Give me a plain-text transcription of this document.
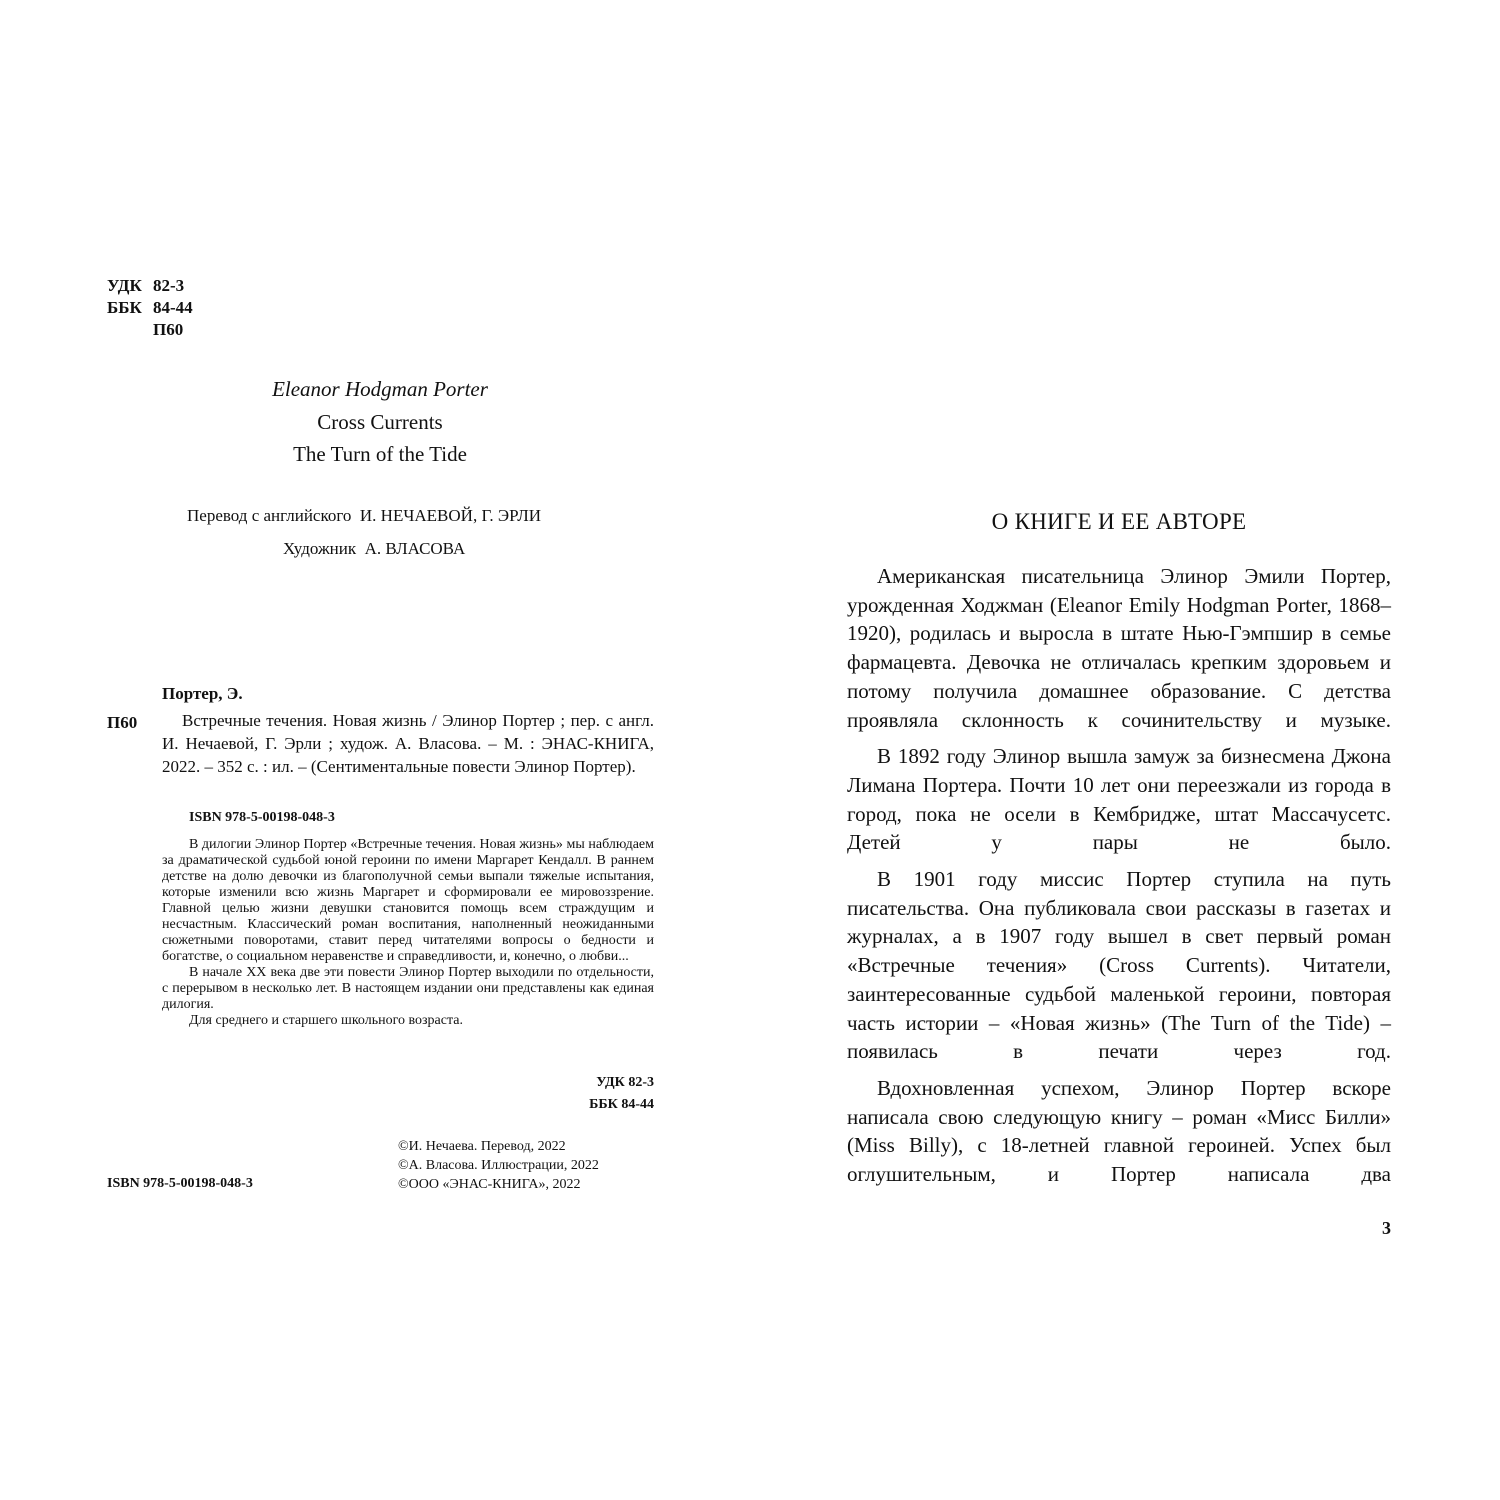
УДК 82-3
ББК 84-44
П60
Eleanor Hodgman Porter
Cross Currents
The Turn of the Tide
Перевод с английского И. НЕЧАЕВОЙ, Г. ЭРЛИ
Художник А. ВЛАСОВА
Портер, Э.
П60	Встречные течения. Новая жизнь / Элинор Портер ; пер. с англ. И. Нечаевой, Г. Эрли ; худож. А. Власова. – М. : ЭНАС-КНИГА, 2022. – 352 с. : ил. – (Сентиментальные повести Элинор Портер).

ISBN 978-5-00198-048-3

В дилогии Элинор Портер «Встречные течения. Новая жизнь» мы наблюдаем за драматической судьбой юной героини по имени Маргарет Кендалл. В раннем детстве на долю девочки из благополучной семьи выпали тяжелые испытания, которые изменили всю жизнь Маргарет и сформировали ее мировоззрение. Главной целью жизни девушки становится помощь всем страждущим и несчастным. Классический роман воспитания, наполненный неожиданными сюжетными поворотами, ставит перед читателями вопросы о бедности и богатстве, о социальном неравенстве и справедливости, и, конечно, о любви...

В начале XX века две эти повести Элинор Портер выходили по отдельности, с перерывом в несколько лет. В настоящем издании они представлены как единая дилогия.

Для среднего и старшего школьного возраста.

УДК 82-3
ББК 84-44
©И. Нечаева. Перевод, 2022
©А. Власова. Иллюстрации, 2022
©ООО «ЭНАС-КНИГА», 2022
ISBN 978-5-00198-048-3
О КНИГЕ И ЕЕ АВТОРЕ

Американская писательница Элинор Эмили Портер, урожденная Ходжман (Eleanor Emily Hodgman Porter, 1868–1920), родилась и выросла в штате Нью-Гэмпшир в семье фармацевта. Девочка не отличалась крепким здоровьем и потому получила домашнее образование. С детства проявляла склонность к сочинительству и музыке.

В 1892 году Элинор вышла замуж за бизнесмена Джона Лимана Портера. Почти 10 лет они переезжали из города в город, пока не осели в Кембридже, штат Массачусетс. Детей у пары не было.

В 1901 году миссис Портер ступила на путь писательства. Она публиковала свои рассказы в газетах и журналах, а в 1907 году вышел в свет первый роман «Встречные течения» (Cross Currents). Читатели, заинтересованные судьбой маленькой героини, повторая часть истории – «Новая жизнь» (The Turn of the Tide) – появилась в печати через год.

Вдохновленная успехом, Элинор Портер вскоре написала свою следующую книгу – роман «Мисс Билли» (Miss Billy), с 18-летней главной героиней. Успех был оглушительным, и Портер написала два

3
